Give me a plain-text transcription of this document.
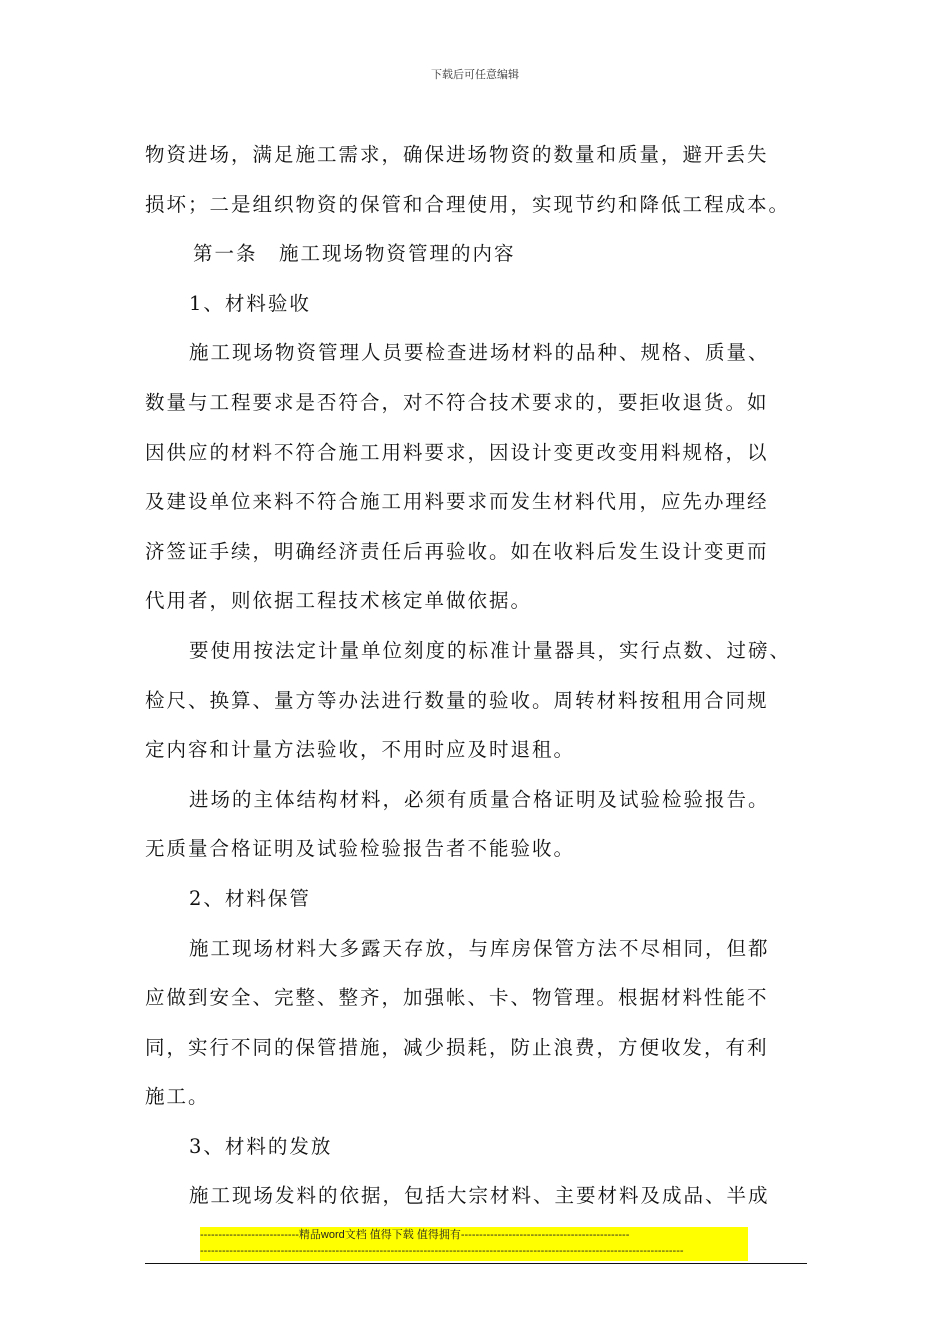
下载后可任意编辑
物资进场，满足施工需求，确保进场物资的数量和质量，避开丢失
损坏；二是组织物资的保管和合理使用，实现节约和降低工程成本。
第一条　施工现场物资管理的内容
1、材料验收
施工现场物资管理人员要检查进场材料的品种、规格、质量、
数量与工程要求是否符合，对不符合技术要求的，要拒收退货。如
因供应的材料不符合施工用料要求，因设计变更改变用料规格，以
及建设单位来料不符合施工用料要求而发生材料代用，应先办理经
济签证手续，明确经济责任后再验收。如在收料后发生设计变更而
代用者，则依据工程技术核定单做依据。
要使用按法定计量单位刻度的标准计量器具，实行点数、过磅、
检尺、换算、量方等办法进行数量的验收。周转材料按租用合同规
定内容和计量方法验收，不用时应及时退租。
进场的主体结构材料，必须有质量合格证明及试验检验报告。
无质量合格证明及试验检验报告者不能验收。
2、材料保管
施工现场材料大多露天存放，与库房保管方法不尽相同，但都
应做到安全、完整、整齐，加强帐、卡、物管理。根据材料性能不
同，实行不同的保管措施，减少损耗，防止浪费，方便收发，有利
施工。
3、材料的发放
施工现场发料的依据，包括大宗材料、主要材料及成品、半成
---------------------------精品word文档 值得下载 值得拥有----------------------------------------------
------------------------------------------------------------------------------------------------------------------------------------
